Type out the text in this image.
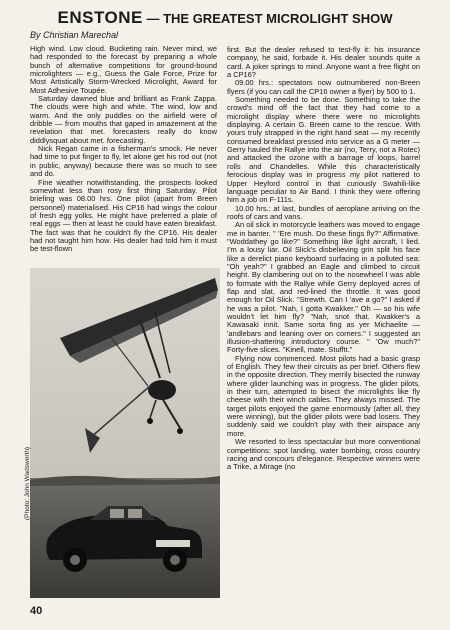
ENSTONE — THE GREATEST MICROLIGHT SHOW
By Christian Marechal

High wind. Low cloud. Bucketing rain. Never mind, we had responded to the forecast by preparing a whole bunch of alternative competitions for ground-bound microlighters — e.g., Guess the Gale Force, Prize for Most Artistically Storm-Wrecked Microlight, Award for Most Adhesive Toupée.

Saturday dawned blue and brilliant as Frank Zappa. The clouds were high and white. The wind, low and warm. And the only puddles on the airfield were of dribble — from mouths that gaped in amazement at the revelation that met. forecasters really do know diddlysquat about met. forecasting.

Nick Regan came in a fisherman's smock. He never had time to put finger to fly, let alone get his rod out (not in public, anyway) because there was so much to see and do.

Fine weather notwithstanding, the prospects looked somewhat less than rosy first thing Saturday. Pilot briefing was 08.00 hrs. One pilot (apart from Breen personnel) materialised. His CP16 had wings the colour of fresh egg yolks. He might have preferred a plate of real eggs — then at least he could have eaten breakfast. The fact was that he couldn't fly the CP16. His dealer had not taught him how. His dealer had told him it must be test-flown

(Photo: John Wadsworth)

first. But the dealer refused to test-fly it: his insurance company, he said, forbade it. His dealer sounds quite a card. A joker springs to mind. Anyone want a free flight on a CP16?

09.00 hrs.: spectators now outnumbered non-Breen flyers (if you can call the CP16 owner a flyer) by 500 to 1.

Something needed to be done. Something to take the crowd's mind off the fact that they had come to a microlight display where there were no microlights displaying. A certain G. Breen came to the rescue. With yours truly strapped in the right hand seat — my recently consumed breakfast pressed into service as a G meter — Gerry hauled the Rallye into the air (no, Terry, not a Rotec) and attacked the ozone with a barrage of loops, barrel rolls and Chandelles. While this characteristically ferocious display was in progress my pilot nattered to Upper Heyford control in that curiously Swahili-like language peculiar to Air Band. I think they were offering him a job on F-111s.

10.00 hrs.: at last, bundles of aeroplane arriving on the roofs of cars and vans.

An oil slick in motorcycle leathers was moved to engage me in banter. " 'Ere mush. Do these fings fly?" Affirmative. "Woddathey go like?" Something like light aircraft, I lied. I'm a lousy liar. Oil Slick's disbelieving grin split his face like a derelict piano keyboard surfacing in a polluted sea: "Oh yeah?" I grabbed an Eagle and climbed to circuit height. By clambering out on to the nosewheel I was able to formate with the Rallye while Gerry deployed acres of flap and slat, and red-lined the throttle. It was good enough for Oil Slick. "Strewth. Can I 'ave a go?" I asked if he was a pilot. "Nah, I gotta Kwakker." Oh — so his wife wouldn't let him fly? "Nah, snot that. Kwakker's a Kawasaki innit. Same sorta fing as yer Michaelite — 'andlebars and leaning over on corners." I suggested an illusion-shattering introductory course. " 'Ow much?" Forty-five slices. "Kinell, mate. Stufftt."

Flying now commenced. Most pilots had a basic grasp of English. They few their circuits as per brief. Others flew in the opposite direction. They merrily bisected the runway where glider launching was in progress. The glider pilots, in their turn, attempted to bisect the microlights like fly cheese with their winch cables. They always missed. The target pilots enjoyed the game enormously (after all, they were winning), but the glider pilots were bad losers. They suddenly said we couldn't play with their airspace any more.

We resorted to less spectacular but more conventional competitions: spot landing, water bombing, cross country racing and concours d'elegance. Respective winners were a Trike, a Mirage (no

40
